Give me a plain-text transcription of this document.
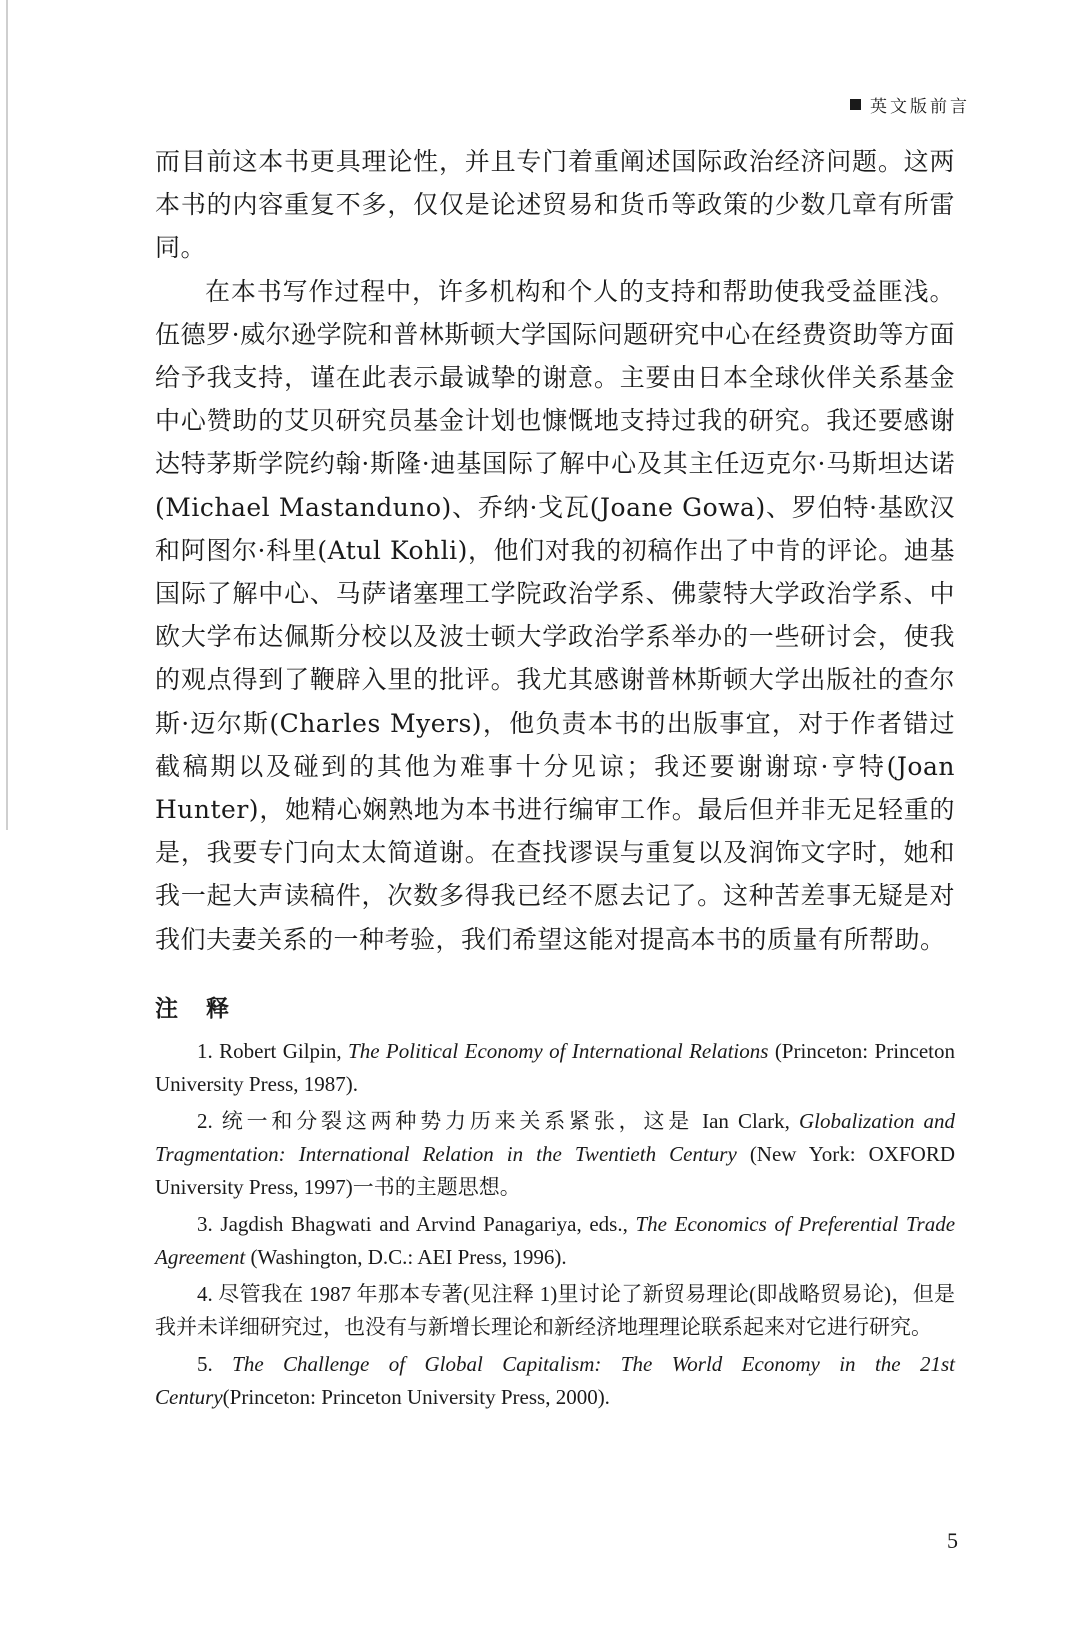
英文版前言

而目前这本书更具理论性，并且专门着重阐述国际政治经济问题。这两本书的内容重复不多，仅仅是论述贸易和货币等政策的少数几章有所雷同。

在本书写作过程中，许多机构和个人的支持和帮助使我受益匪浅。伍德罗·威尔逊学院和普林斯顿大学国际问题研究中心在经费资助等方面给予我支持，谨在此表示最诚挚的谢意。主要由日本全球伙伴关系基金中心赞助的艾贝研究员基金计划也慷慨地支持过我的研究。我还要感谢达特茅斯学院约翰·斯隆·迪基国际了解中心及其主任迈克尔·马斯坦达诺(Michael Mastanduno)、乔纳·戈瓦(Joane Gowa)、罗伯特·基欧汉和阿图尔·科里(Atul Kohli)，他们对我的初稿作出了中肯的评论。迪基国际了解中心、马萨诸塞理工学院政治学系、佛蒙特大学政治学系、中欧大学布达佩斯分校以及波士顿大学政治学系举办的一些研讨会，使我的观点得到了鞭辟入里的批评。我尤其感谢普林斯顿大学出版社的查尔斯·迈尔斯(Charles Myers)，他负责本书的出版事宜，对于作者错过截稿期以及碰到的其他为难事十分见谅；我还要谢谢琼·亨特(Joan Hunter)，她精心娴熟地为本书进行编审工作。最后但并非无足轻重的是，我要专门向太太简道谢。在查找谬误与重复以及润饰文字时，她和我一起大声读稿件，次数多得我已经不愿去记了。这种苦差事无疑是对我们夫妻关系的一种考验，我们希望这能对提高本书的质量有所帮助。

注 释

1. Robert Gilpin, The Political Economy of International Relations (Princeton: Princeton University Press, 1987).

2. 统一和分裂这两种势力历来关系紧张，这是 Ian Clark, Globalization and Tragmentation: International Relation in the Twentieth Century (New York: OXFORD University Press, 1997)一书的主题思想。

3. Jagdish Bhagwati and Arvind Panagariya, eds., The Economics of Preferential Trade Agreement (Washington, D.C.: AEI Press, 1996).

4. 尽管我在 1987 年那本专著(见注释 1)里讨论了新贸易理论(即战略贸易论)，但是我并未详细研究过，也没有与新增长理论和新经济地理理论联系起来对它进行研究。

5. The Challenge of Global Capitalism: The World Economy in the 21st Century(Princeton: Princeton University Press, 2000).

5
